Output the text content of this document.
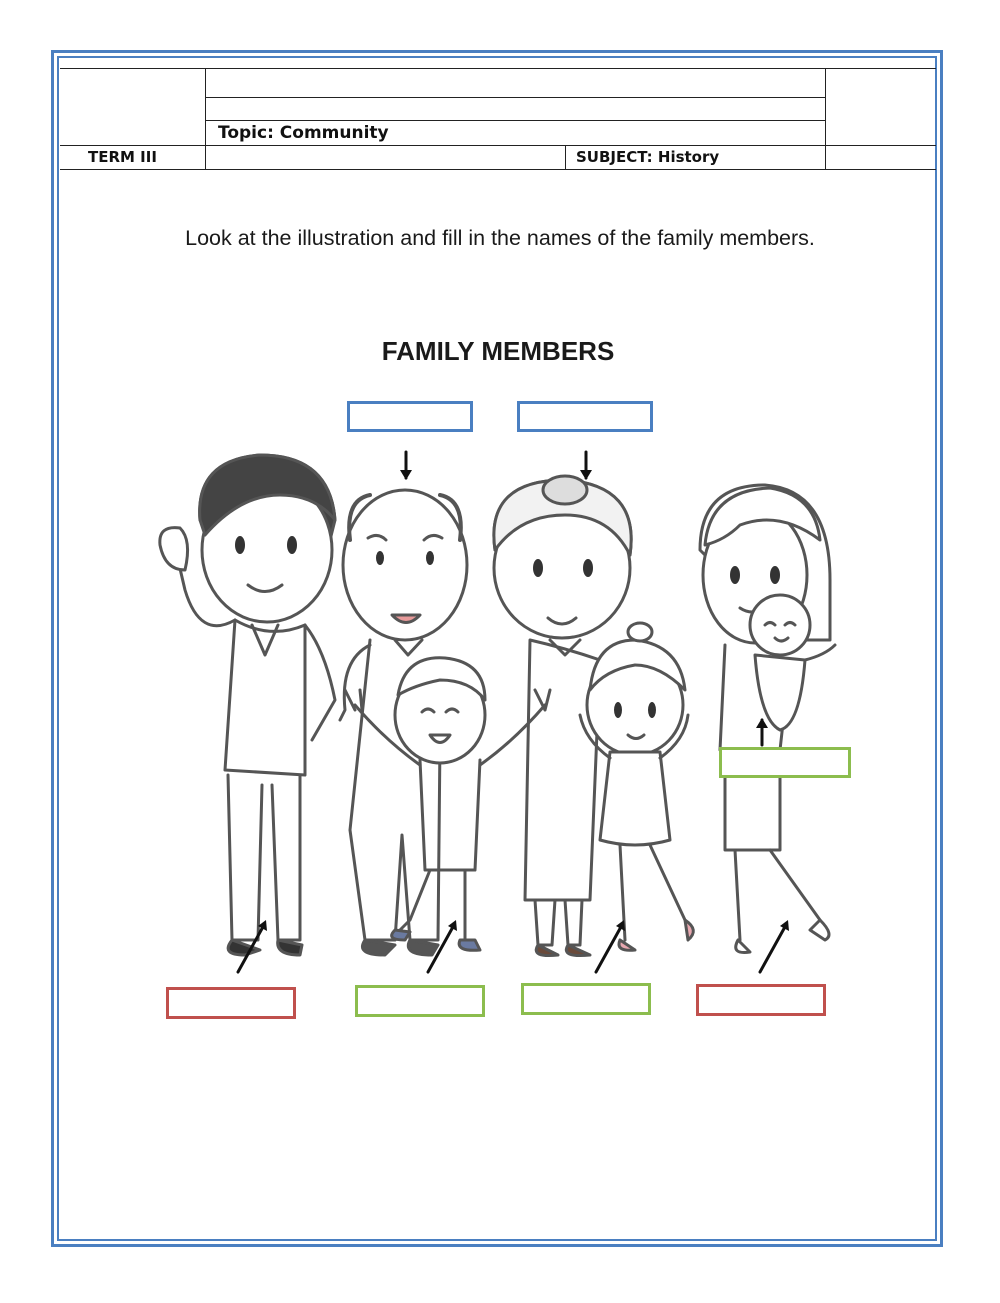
Topic: Community
TERM III	SUBJECT: History
Look at the illustration and fill in the names of the family members.
FAMILY MEMBERS
